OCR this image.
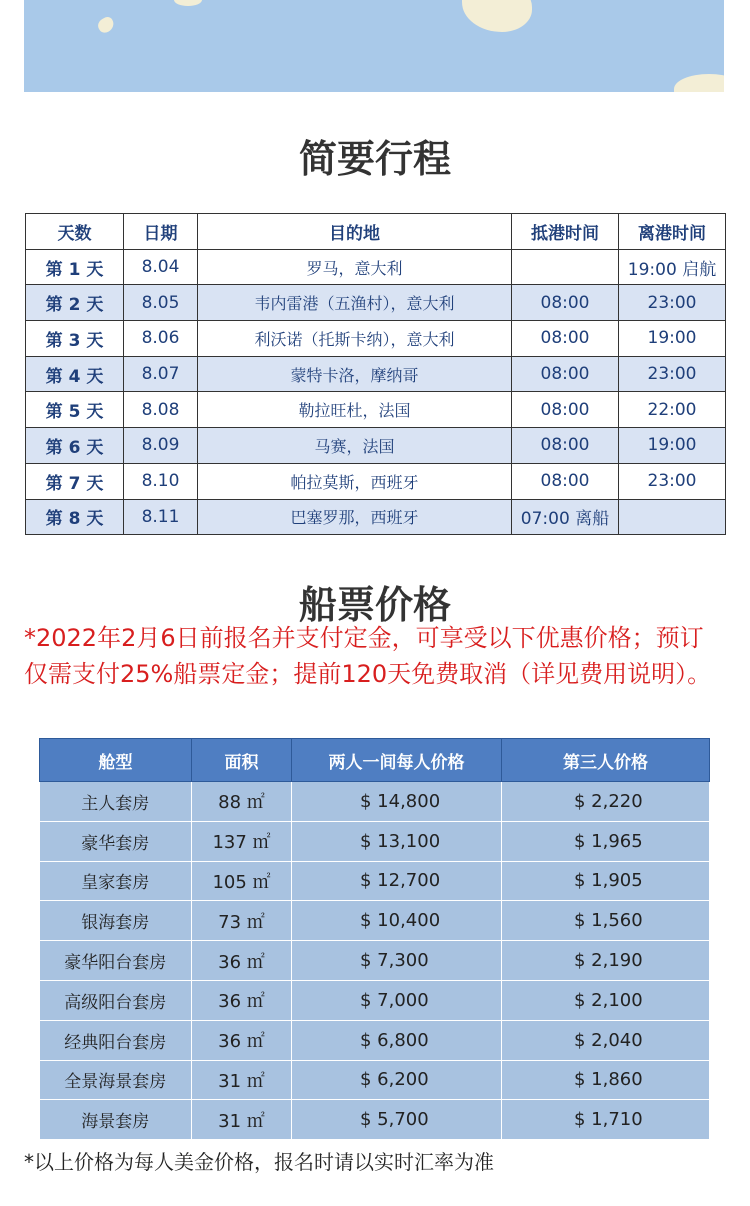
简要行程
天数	日期	目的地	抵港时间	离港时间
第 1 天	8.04	罗马，意大利		19:00 启航
第 2 天	8.05	韦内雷港（五渔村），意大利	08:00	23:00
第 3 天	8.06	利沃诺（托斯卡纳），意大利	08:00	19:00
第 4 天	8.07	蒙特卡洛，摩纳哥	08:00	23:00
第 5 天	8.08	勒拉旺杜，法国	08:00	22:00
第 6 天	8.09	马赛，法国	08:00	19:00
第 7 天	8.10	帕拉莫斯，西班牙	08:00	23:00
第 8 天	8.11	巴塞罗那，西班牙	07:00 离船	
船票价格

*2022年2月6日前报名并支付定金，可享受以下优惠价格；预订仅需支付25%船票定金；提前120天免费取消（详见费用说明）。

舱型	面积	两人一间每人价格	第三人价格
主人套房	88 ㎡	$ 14,800	$ 2,220
豪华套房	137 ㎡	$ 13,100	$ 1,965
皇家套房	105 ㎡	$ 12,700	$ 1,905
银海套房	73 ㎡	$ 10,400	$ 1,560
豪华阳台套房	36 ㎡	$ 7,300	$ 2,190
高级阳台套房	36 ㎡	$ 7,000	$ 2,100
经典阳台套房	36 ㎡	$ 6,800	$ 2,040
全景海景套房	31 ㎡	$ 6,200	$ 1,860
海景套房	31 ㎡	$ 5,700	$ 1,710

*以上价格为每人美金价格，报名时请以实时汇率为准
